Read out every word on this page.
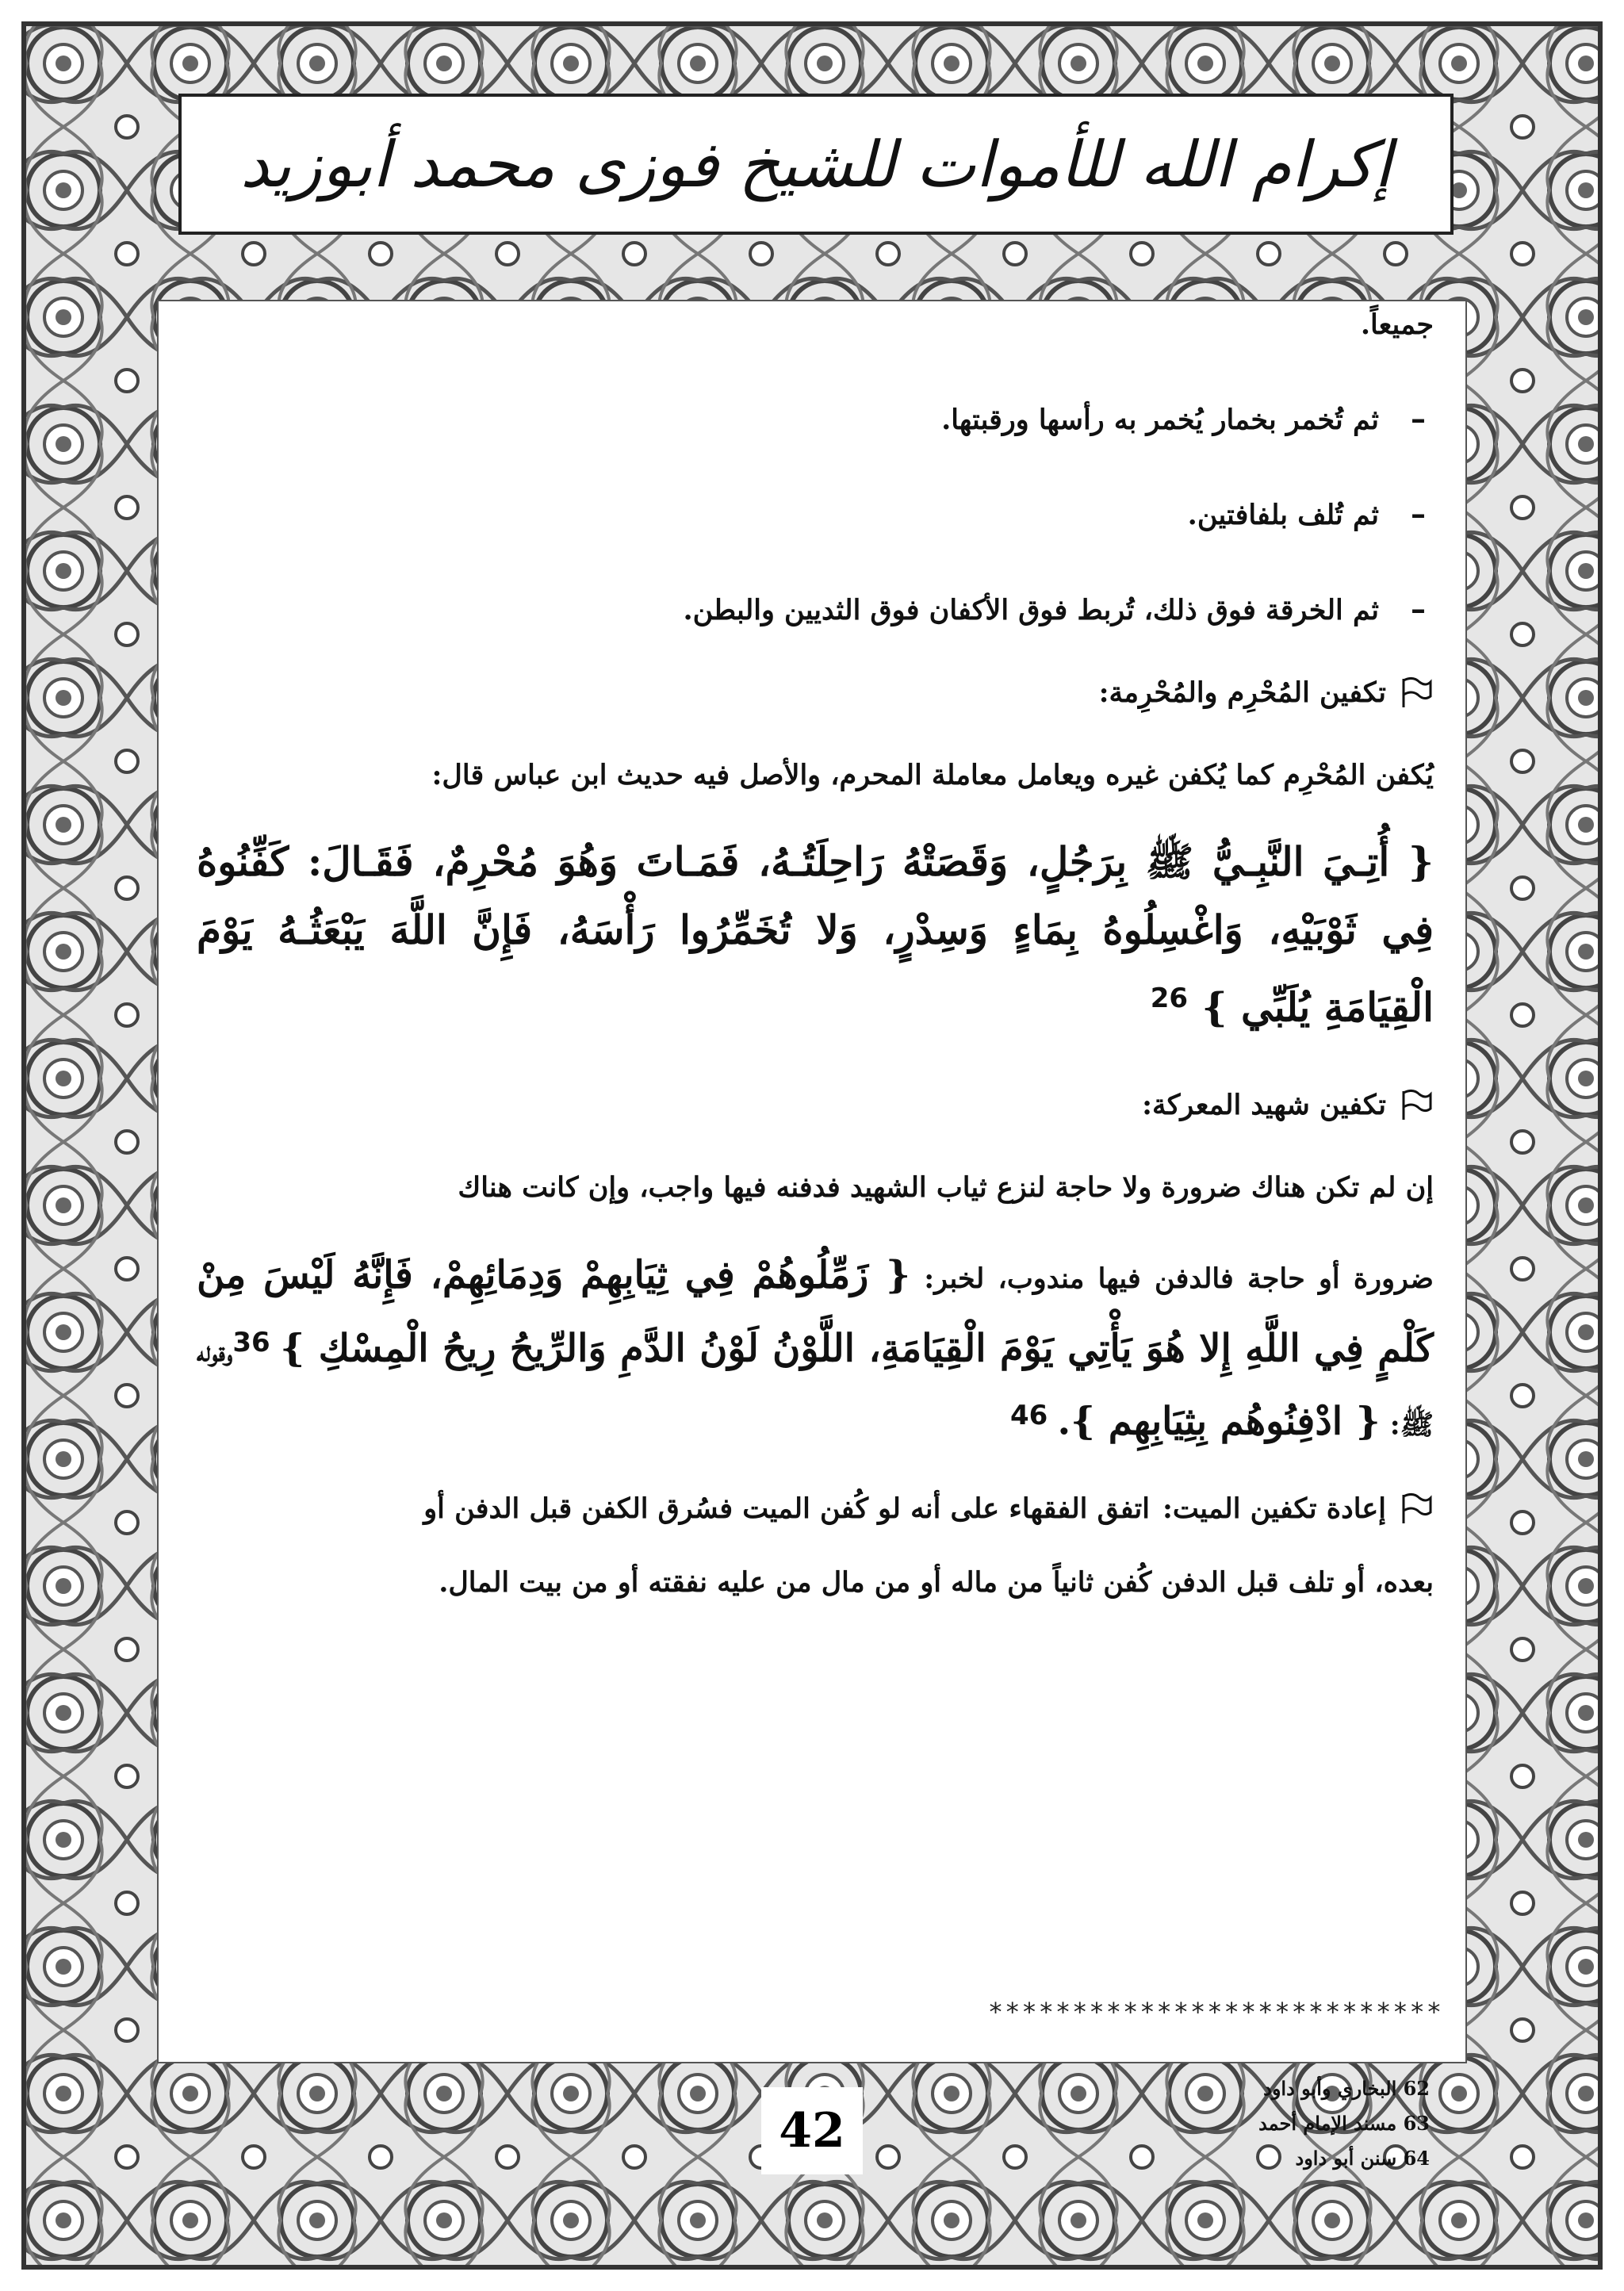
إكرام الله للأموات للشيخ فوزى محمد أبوزيد

جميعاً.

–
ثم تُخمر بخمار يُخمر به رأسها ورقبتها.
–
ثم تُلف بلفافتين.
–
ثم الخرقة فوق ذلك، تُربط فوق الأكفان فوق الثديين والبطن.
تكفين المُحْرِم والمُحْرِمة:

يُكفن المُحْرِم كما يُكفن غيره ويعامل معاملة المحرم، والأصل فيه حديث ابن عباس قال:

{ أُتِـيَ النَّبِـيُّ ﷺ بِرَجُلٍ، وَقَصَتْهُ رَاحِلَتُـهُ، فَمَـاتَ وَهُوَ مُحْرِمٌ، فَقَـالَ: كَفِّنُوهُ فِي ثَوْبَيْهِ، وَاغْسِلُوهُ بِمَاءٍ وَسِدْرٍ، وَلا تُخَمِّرُوا رَأْسَهُ، فَإِنَّ اللَّهَ يَبْعَثُـهُ يَوْمَ الْقِيَامَةِ يُلَبِّي } $^{26}$

تكفين شهيد المعركة:

إن لم تكن هناك ضرورة ولا حاجة لنزع ثياب الشهيد فدفنه فيها واجب، وإن كانت هناك

ضرورة أو حاجة فالدفن فيها مندوب، لخبر: { زَمِّلُوهُمْ فِي ثِيَابِهِمْ وَدِمَائِهِمْ، فَإِنَّهُ لَيْسَ مِنْ كَلْمٍ فِي اللَّهِ إِلا هُوَ يَأْتِي يَوْمَ الْقِيَامَةِ، اللَّوْنُ لَوْنُ الدَّمِ وَالرِّيحُ رِيحُ الْمِسْكِ } 36وقوله ﷺ: { ادْفِنُوهُم بِثِيَابِهِم }. 46

إعادة تكفين الميت:
اتفق الفقهاء على أنه لو كُفن الميت فسُرق الكفن قبل الدفن أو

بعده، أو تلف قبل الدفن كُفن ثانياً من ماله أو من مال من عليه نفقته أو من بيت المال.

***************************

62 البخاري وأبو داود

63 مسند الإمام أحمد

64 سنن أبو داود

42
